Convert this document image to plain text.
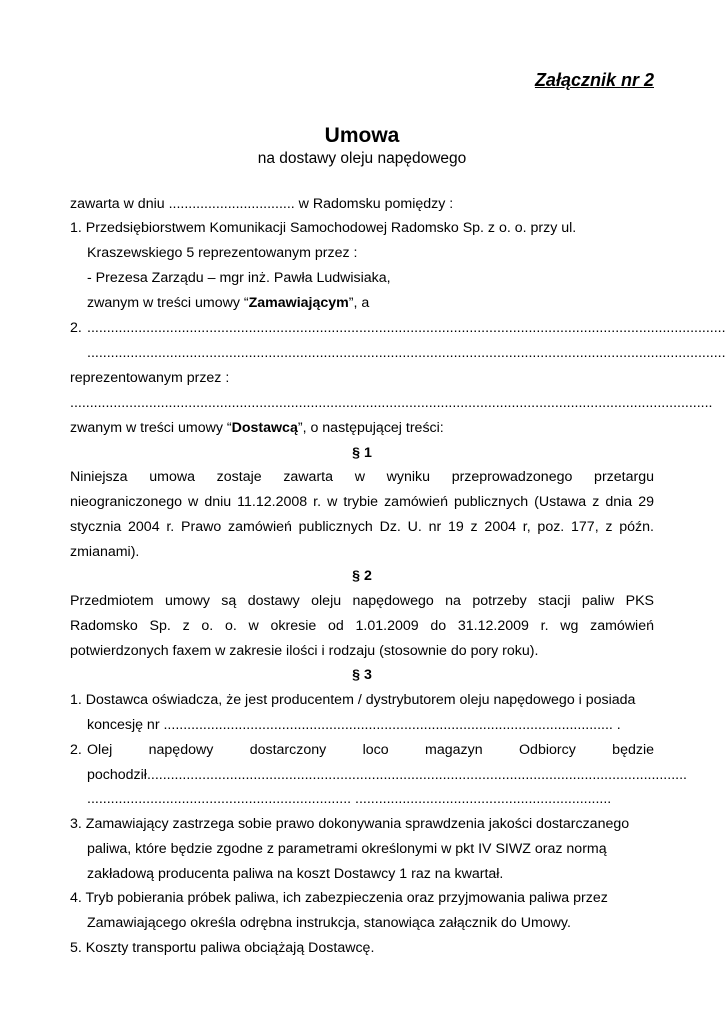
Załącznik nr 2
Umowa
na dostawy oleju napędowego
zawarta w dniu ................................ w Radomsku pomiędzy :
1. Przedsiębiorstwem Komunikacji Samochodowej Radomsko Sp. z o. o. przy ul.
Kraszewskiego 5 reprezentowanym przez :
- Prezesa Zarządu – mgr inż. Pawła Ludwisiaka,
zwanym w treści umowy “Zamawiającym”, a
2. ..................................................................................................................................................................
..................................................................................................................................................................
reprezentowanym przez :
...................................................................................................................................................................
zwanym w treści umowy “Dostawcą”, o następującej treści:
§ 1
Niniejsza umowa zostaje zawarta w wyniku przeprowadzonego przetargu
nieograniczonego w dniu 11.12.2008 r. w trybie zamówień publicznych (Ustawa z dnia 29
stycznia 2004 r. Prawo zamówień publicznych Dz. U. nr 19 z 2004 r, poz. 177, z późn.
zmianami).
§ 2
Przedmiotem umowy są dostawy oleju napędowego na potrzeby stacji paliw PKS
Radomsko Sp. z o. o. w okresie od 1.01.2009 do 31.12.2009 r. wg zamówień
potwierdzonych faxem w zakresie ilości i rodzaju (stosownie do pory roku).
§ 3
1. Dostawca oświadcza, że jest producentem / dystrybutorem oleju napędowego i posiada
koncesję nr .................................................................................................................. .
2. Olej napędowy dostarczony loco magazyn Odbiorcy będzie
pochodził.........................................................................................................................................
................................................................... .................................................................
3. Zamawiający zastrzega sobie prawo dokonywania sprawdzenia jakości dostarczanego
paliwa, które będzie zgodne z parametrami określonymi w pkt IV SIWZ oraz normą
zakładową producenta paliwa na koszt Dostawcy 1 raz na kwartał.
4. Tryb pobierania próbek paliwa, ich zabezpieczenia oraz przyjmowania paliwa przez
Zamawiającego określa odrębna instrukcja, stanowiąca załącznik do Umowy.
5. Koszty transportu paliwa obciążają Dostawcę.
